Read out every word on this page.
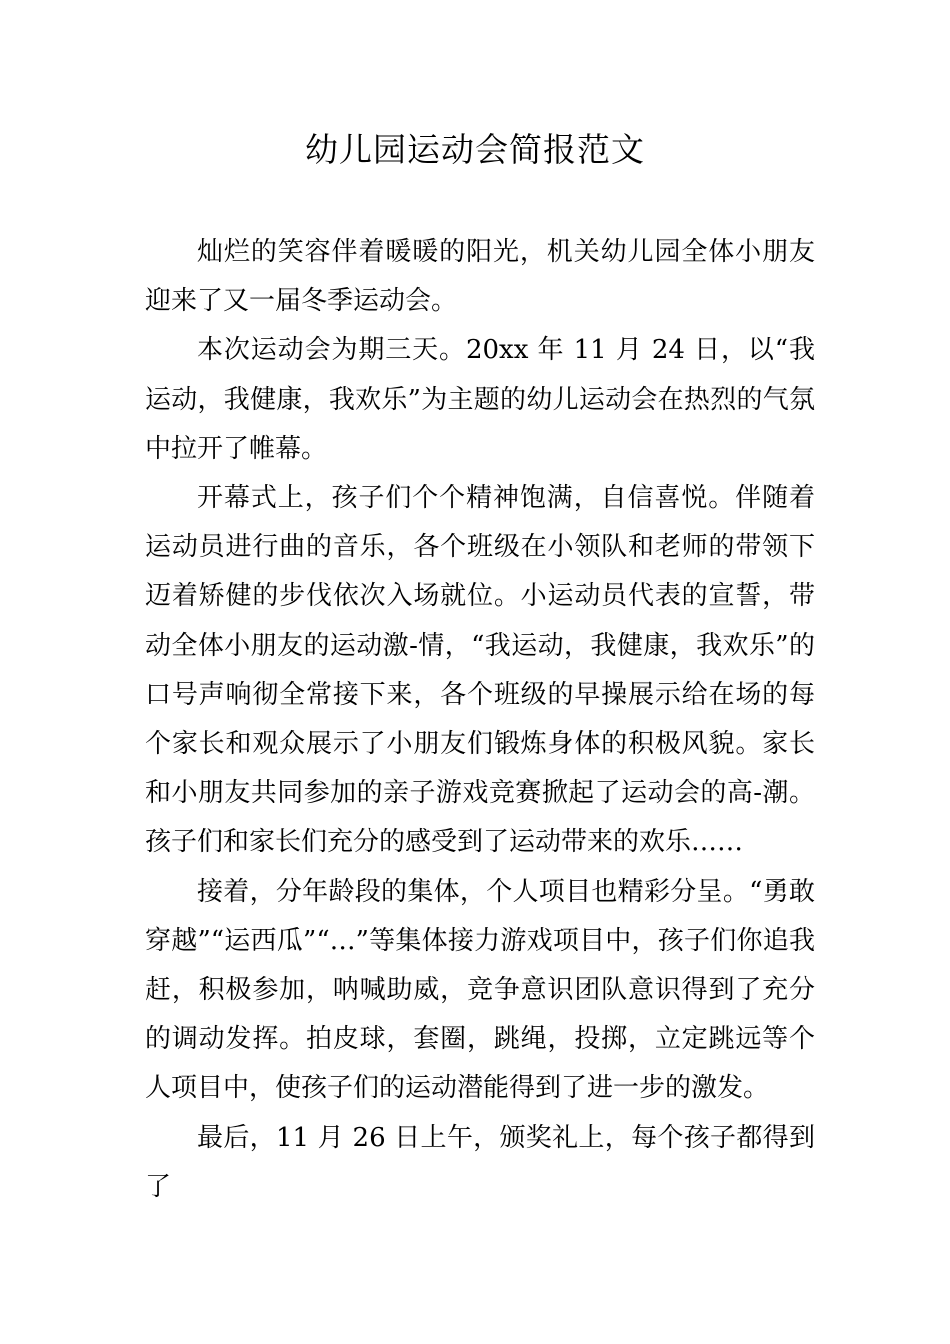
幼儿园运动会简报范文

灿烂的笑容伴着暖暖的阳光，机关幼儿园全体小朋友迎来了又一届冬季运动会。

本次运动会为期三天。20xx 年 11 月 24 日，以“我运动，我健康，我欢乐”为主题的幼儿运动会在热烈的气氛中拉开了帷幕。

开幕式上，孩子们个个精神饱满，自信喜悦。伴随着运动员进行曲的音乐，各个班级在小领队和老师的带领下迈着矫健的步伐依次入场就位。小运动员代表的宣誓，带动全体小朋友的运动激-情，“我运动，我健康，我欢乐”的口号声响彻全常接下来，各个班级的早操展示给在场的每个家长和观众展示了小朋友们锻炼身体的积极风貌。家长和小朋友共同参加的亲子游戏竞赛掀起了运动会的高-潮。孩子们和家长们充分的感受到了运动带来的欢乐……

接着，分年龄段的集体，个人项目也精彩分呈。“勇敢穿越”“运西瓜”“…”等集体接力游戏项目中，孩子们你追我赶，积极参加，呐喊助威，竞争意识团队意识得到了充分的调动发挥。拍皮球，套圈，跳绳，投掷，立定跳远等个人项目中，使孩子们的运动潜能得到了进一步的激发。

最后，11 月 26 日上午，颁奖礼上，每个孩子都得到了
